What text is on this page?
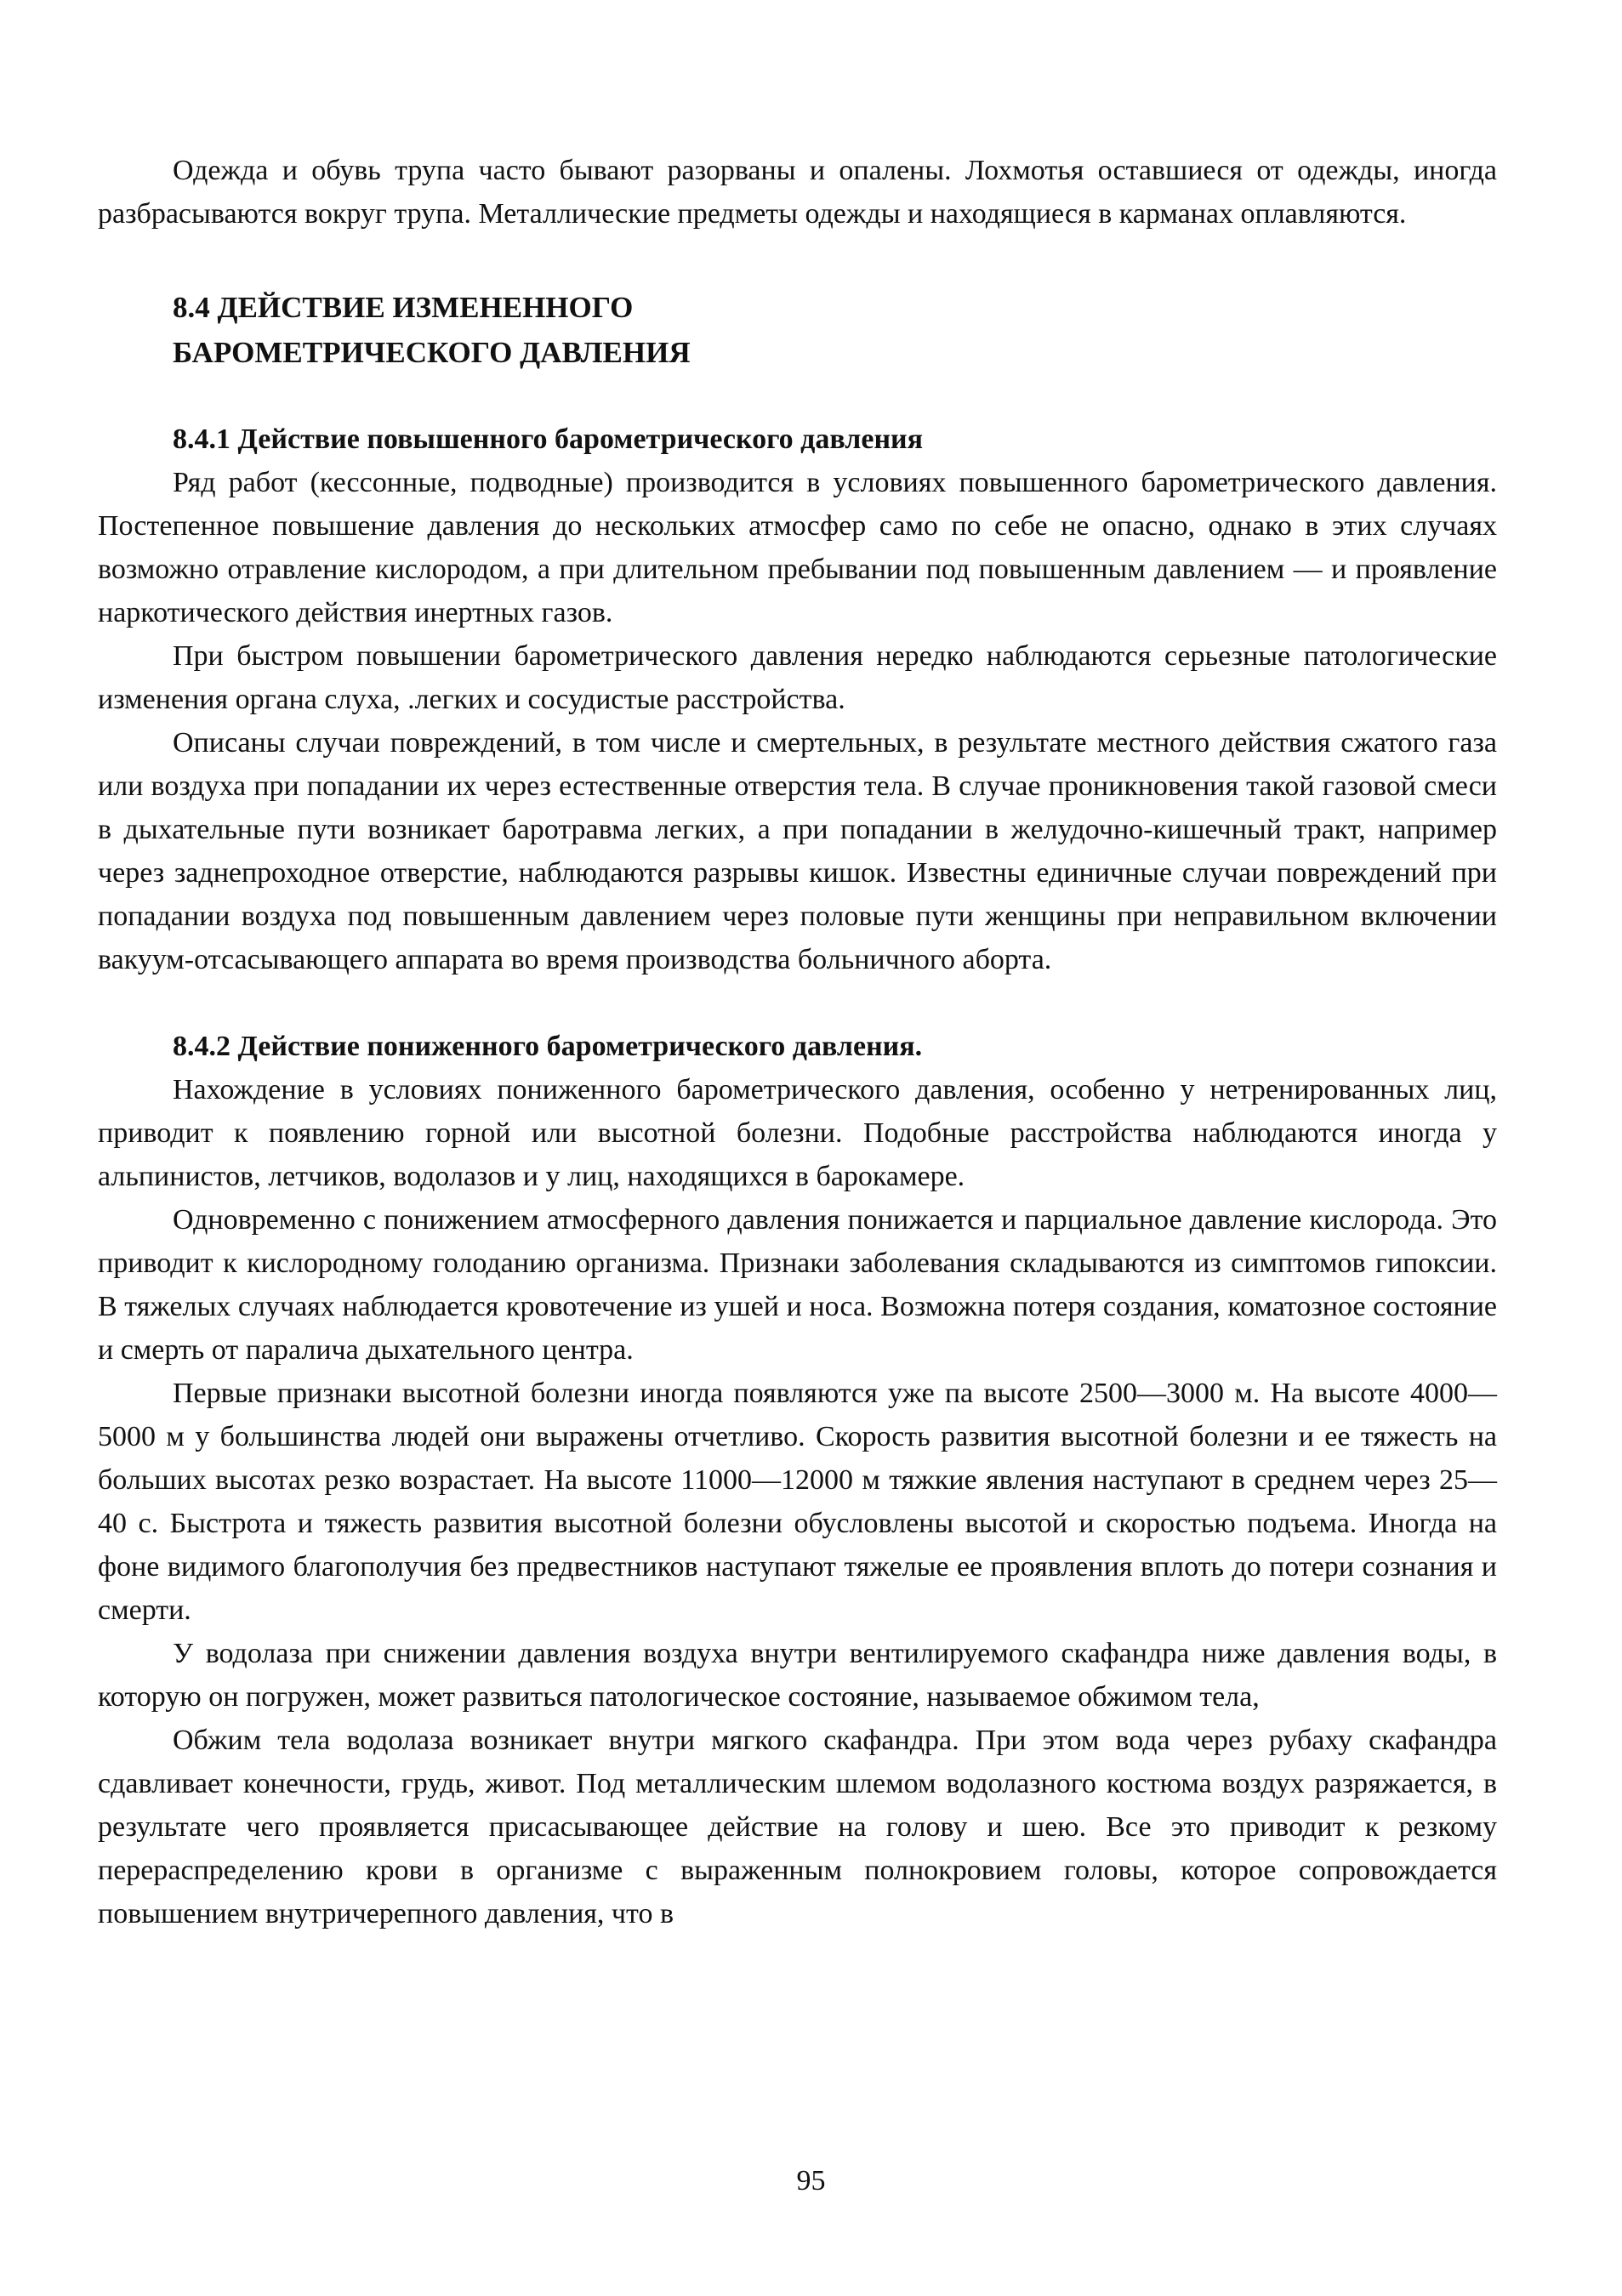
Одежда и обувь трупа часто бывают разорваны и опалены. Лохмотья оставшиеся от одежды, иногда разбрасываются вокруг трупа. Металлические предметы одежды и находящиеся в карманах оплавляются.

8.4 ДЕЙСТВИЕ ИЗМЕНЕННОГО
БАРОМЕТРИЧЕСКОГО ДАВЛЕНИЯ
8.4.1 Действие повышенного барометрического давления

Ряд работ (кессонные, подводные) производится в условиях повышенного барометрического давления. Постепенное повышение давления до нескольких атмосфер само по себе не опасно, однако в этих случаях возможно отравление кислородом, а при длительном пребывании под повышенным давлением — и проявление наркотического действия инертных газов.

При быстром повышении барометрического давления нередко наблюдаются серьезные патологические изменения органа слуха, .легких и сосудистые расстройства.

Описаны случаи повреждений, в том числе и смертельных, в результате местного действия сжатого газа или воздуха при попадании их через естественные отверстия тела. В случае проникновения такой газовой смеси в дыхательные пути возникает баротравма легких, а при попадании в желудочно-кишечный тракт, например через заднепроходное отверстие, наблюдаются разрывы кишок. Известны единичные случаи повреждений при попадании воздуха под повышенным давлением через половые пути женщины при неправильном включении вакуум-отсасывающего аппарата во время производства больничного аборта.

8.4.2 Действие пониженного барометрического давления.

Нахождение в условиях пониженного барометрического давления, особенно у нетренированных лиц, приводит к появлению горной или высотной болезни. Подобные расстройства наблюдаются иногда у альпинистов, летчиков, водолазов и у лиц, находящихся в барокамере.

Одновременно с понижением атмосферного давления понижается и парциальное давление кислорода. Это приводит к кислородному голоданию организма. Признаки заболевания складываются из симптомов гипоксии. В тяжелых случаях наблюдается кровотечение из ушей и носа. Возможна потеря создания, коматозное состояние и смерть от паралича дыхательного центра.

Первые признаки высотной болезни иногда появляются уже па высоте 2500—3000 м. На высоте 4000—5000 м у большинства людей они выражены отчетливо. Скорость развития высотной болезни и ее тяжесть на больших высотах резко возрастает. На высоте 11000—12000 м тяжкие явления наступают в среднем через 25—40 с. Быстрота и тяжесть развития высотной болезни обусловлены высотой и скоростью подъема. Иногда на фоне видимого благополучия без предвестников наступают тяжелые ее проявления вплоть до потери сознания и смерти.

У водолаза при снижении давления воздуха внутри вентилируемого скафандра ниже давления воды, в которую он погружен, может развиться патологическое состояние, называемое обжимом тела,

Обжим тела водолаза возникает внутри мягкого скафандра. При этом вода через рубаху скафандра сдавливает конечности, грудь, живот. Под металлическим шлемом водолазного костюма воздух разряжается, в результате чего проявляется присасывающее действие на голову и шею. Все это приводит к резкому перераспределению крови в организме с выраженным полнокровием головы, которое сопровождается повышением внутричерепного давления, что в

95
